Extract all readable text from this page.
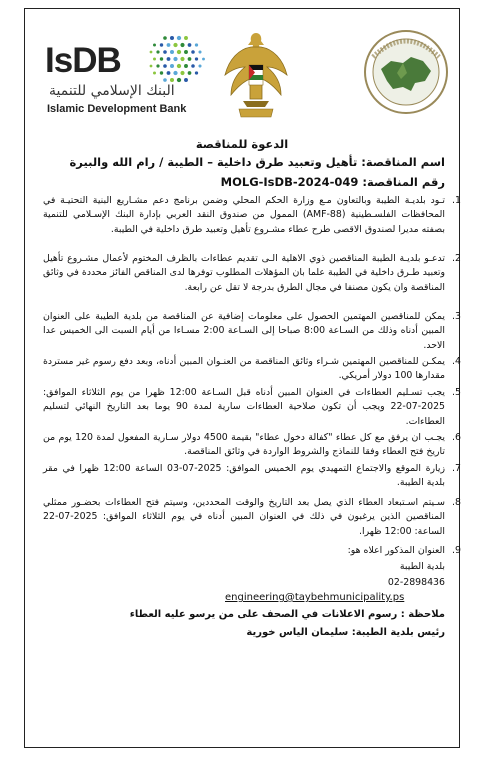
IsDB
البنك الإسلامي للتنمية
Islamic Development Bank
الدعوة للمناقصة
اسم المناقصة: تأهيل وتعبيد طرق داخلية – الطيبة / رام الله والبيرة
رقم المناقصة: MOLG-IsDB-2024-049
1.
تـود بلديـة الطيبة وبالتعاون مـع وزارة الحكم المحلي وضمن برنامج دعم مشـاريع البنية التحتيـة في المحافظات الفلسـطينية (AMF-88) الممول من صندوق النقد العربي بإدارة البنك الإسـلامي للتنمية بصفته مديرا لصندوق الاقصى طرح عطاء مشـروع تأهيل وتعبيد طرق داخلية في الطيبة.
2.
تدعـو بلديـة الطيبة المناقصين ذوي الاهلية الـى تقديم عطاءات بالظرف المختوم لأعمال مشـروع تأهيل وتعبيد طـرق داخلية في الطيبة علما بان المؤهلات المطلوب توفرها لدى المناقص الفائز محددة في وثائق المناقصة وان يكون مصنفا في مجال الطرق بدرجة لا تقل عن رابعة.
3.
يمكن للمناقصين المهتمين الحصول على معلومات إضافية عن المناقصة من بلدية الطيبة على العنوان المبين أدناه وذلك من السـاعة 8:00 صباحا إلى السـاعة 2:00 مسـاءا من أيام السبت الى الخميس عدا الاحد.
4.
يمكـن للمناقصين المهتمين شـراء وثائق المناقصة من العنـوان المبين أدناه، وبعد دفع رسوم غير مستردة مقدارها 100 دولار أمريكي.
5.
يجب تسـليم العطاءات في العنوان المبين أدناه قبل السـاعة 12:00 ظهرا من يوم الثلاثاء الموافق: 2025-07-22 ويجب أن تكون صلاحية العطاءات سارية لمدة 90 يوما بعد التاريخ النهائي لتسليم العطاءات.
6.
يجـب ان يرفق مع كل عطاء "كفالة دخول عطاء" بقيمة 4500 دولار سـارية المفعول لمدة 120 يوم من تاريخ فتح العطاء وفقا للنماذج والشروط الواردة في وثائق المناقصة.
7.
زيارة الموقع والاجتماع التمهيدي يوم الخميس الموافق: 2025-07-03 الساعة 12:00 ظهرا في مقر بلدية الطيبة.
8.
سـيتم اسـتبعاد العطاء الذي يصل بعد التاريخ والوقت المحددين، وسيتم فتح العطاءات بحضـور ممثلي المناقصين الذين يرغبون في ذلك في العنوان المبين أدناه في يوم الثلاثاء الموافق: 2025-07-22 الساعة: 12:00 ظهرا.
9.
العنوان المذكور اعلاه هو:
بلدية الطيبة
02-2898436
engineering@taybehmunicipality.ps
ملاحظة : رسوم الاعلانات في الصحف على من يرسو عليه العطاء
رئيس بلدية الطيبة: سليمان الياس خورية
